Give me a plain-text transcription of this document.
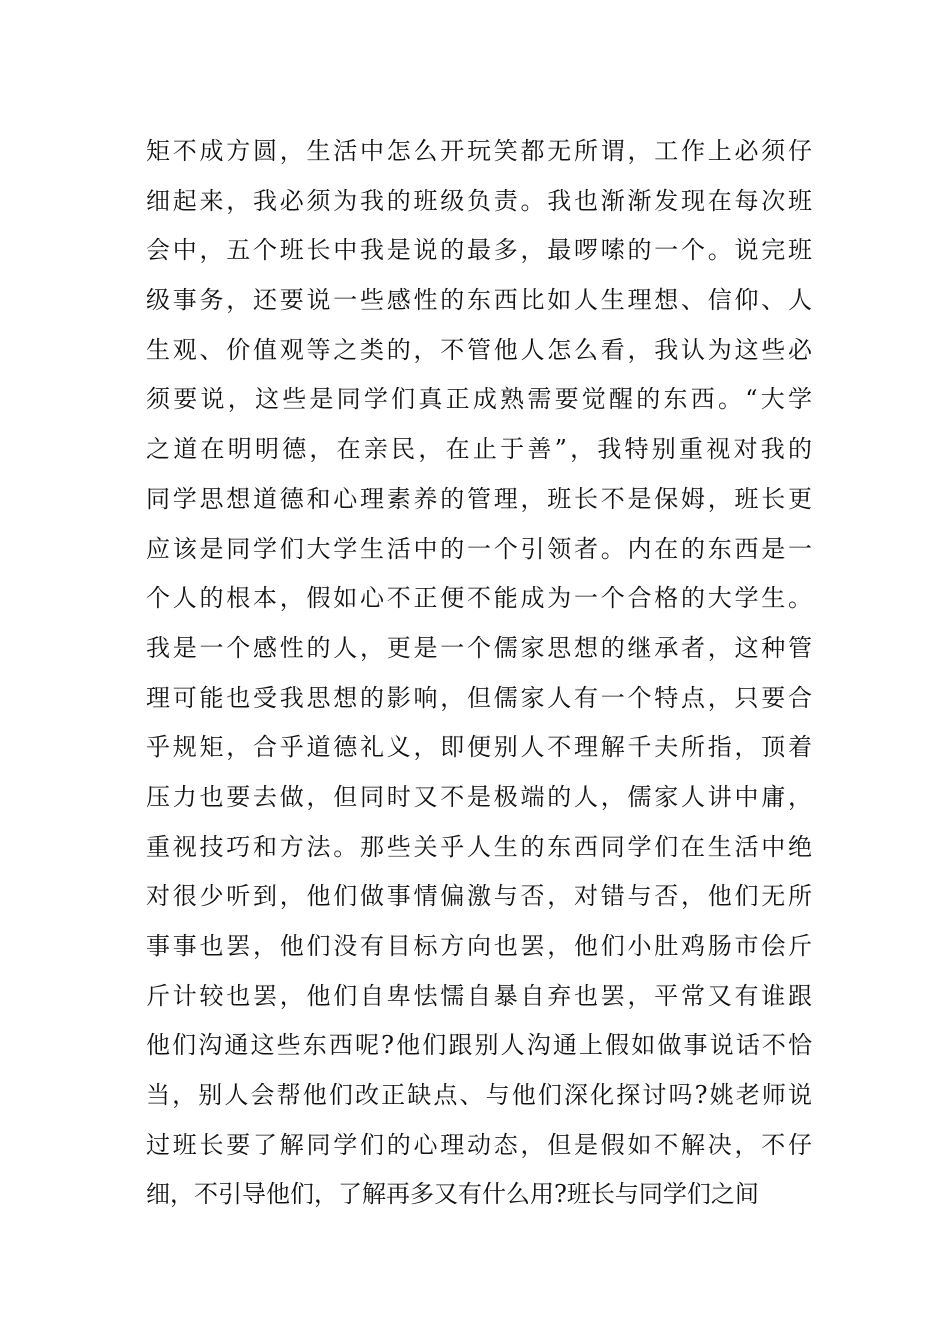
矩不成方圆，生活中怎么开玩笑都无所谓，工作上必须仔
细起来，我必须为我的班级负责。我也渐渐发现在每次班
会中，五个班长中我是说的最多，最啰嗦的一个。说完班
级事务，还要说一些感性的东西比如人生理想、信仰、人
生观、价值观等之类的，不管他人怎么看，我认为这些必
须要说，这些是同学们真正成熟需要觉醒的东西。“大学
之道在明明德，在亲民，在止于善”，我特别重视对我的
同学思想道德和心理素养的管理，班长不是保姆，班长更
应该是同学们大学生活中的一个引领者。内在的东西是一
个人的根本，假如心不正便不能成为一个合格的大学生。
我是一个感性的人，更是一个儒家思想的继承者，这种管
理可能也受我思想的影响，但儒家人有一个特点，只要合
乎规矩，合乎道德礼义，即便别人不理解千夫所指，顶着
压力也要去做，但同时又不是极端的人，儒家人讲中庸，
重视技巧和方法。那些关乎人生的东西同学们在生活中绝
对很少听到，他们做事情偏激与否，对错与否，他们无所
事事也罢，他们没有目标方向也罢，他们小肚鸡肠市侩斤
斤计较也罢，他们自卑怯懦自暴自弃也罢，平常又有谁跟
他们沟通这些东西呢?他们跟别人沟通上假如做事说话不恰
当，别人会帮他们改正缺点、与他们深化探讨吗?姚老师说
过班长要了解同学们的心理动态，但是假如不解决，不仔
细，不引导他们，了解再多又有什么用?班长与同学们之间
